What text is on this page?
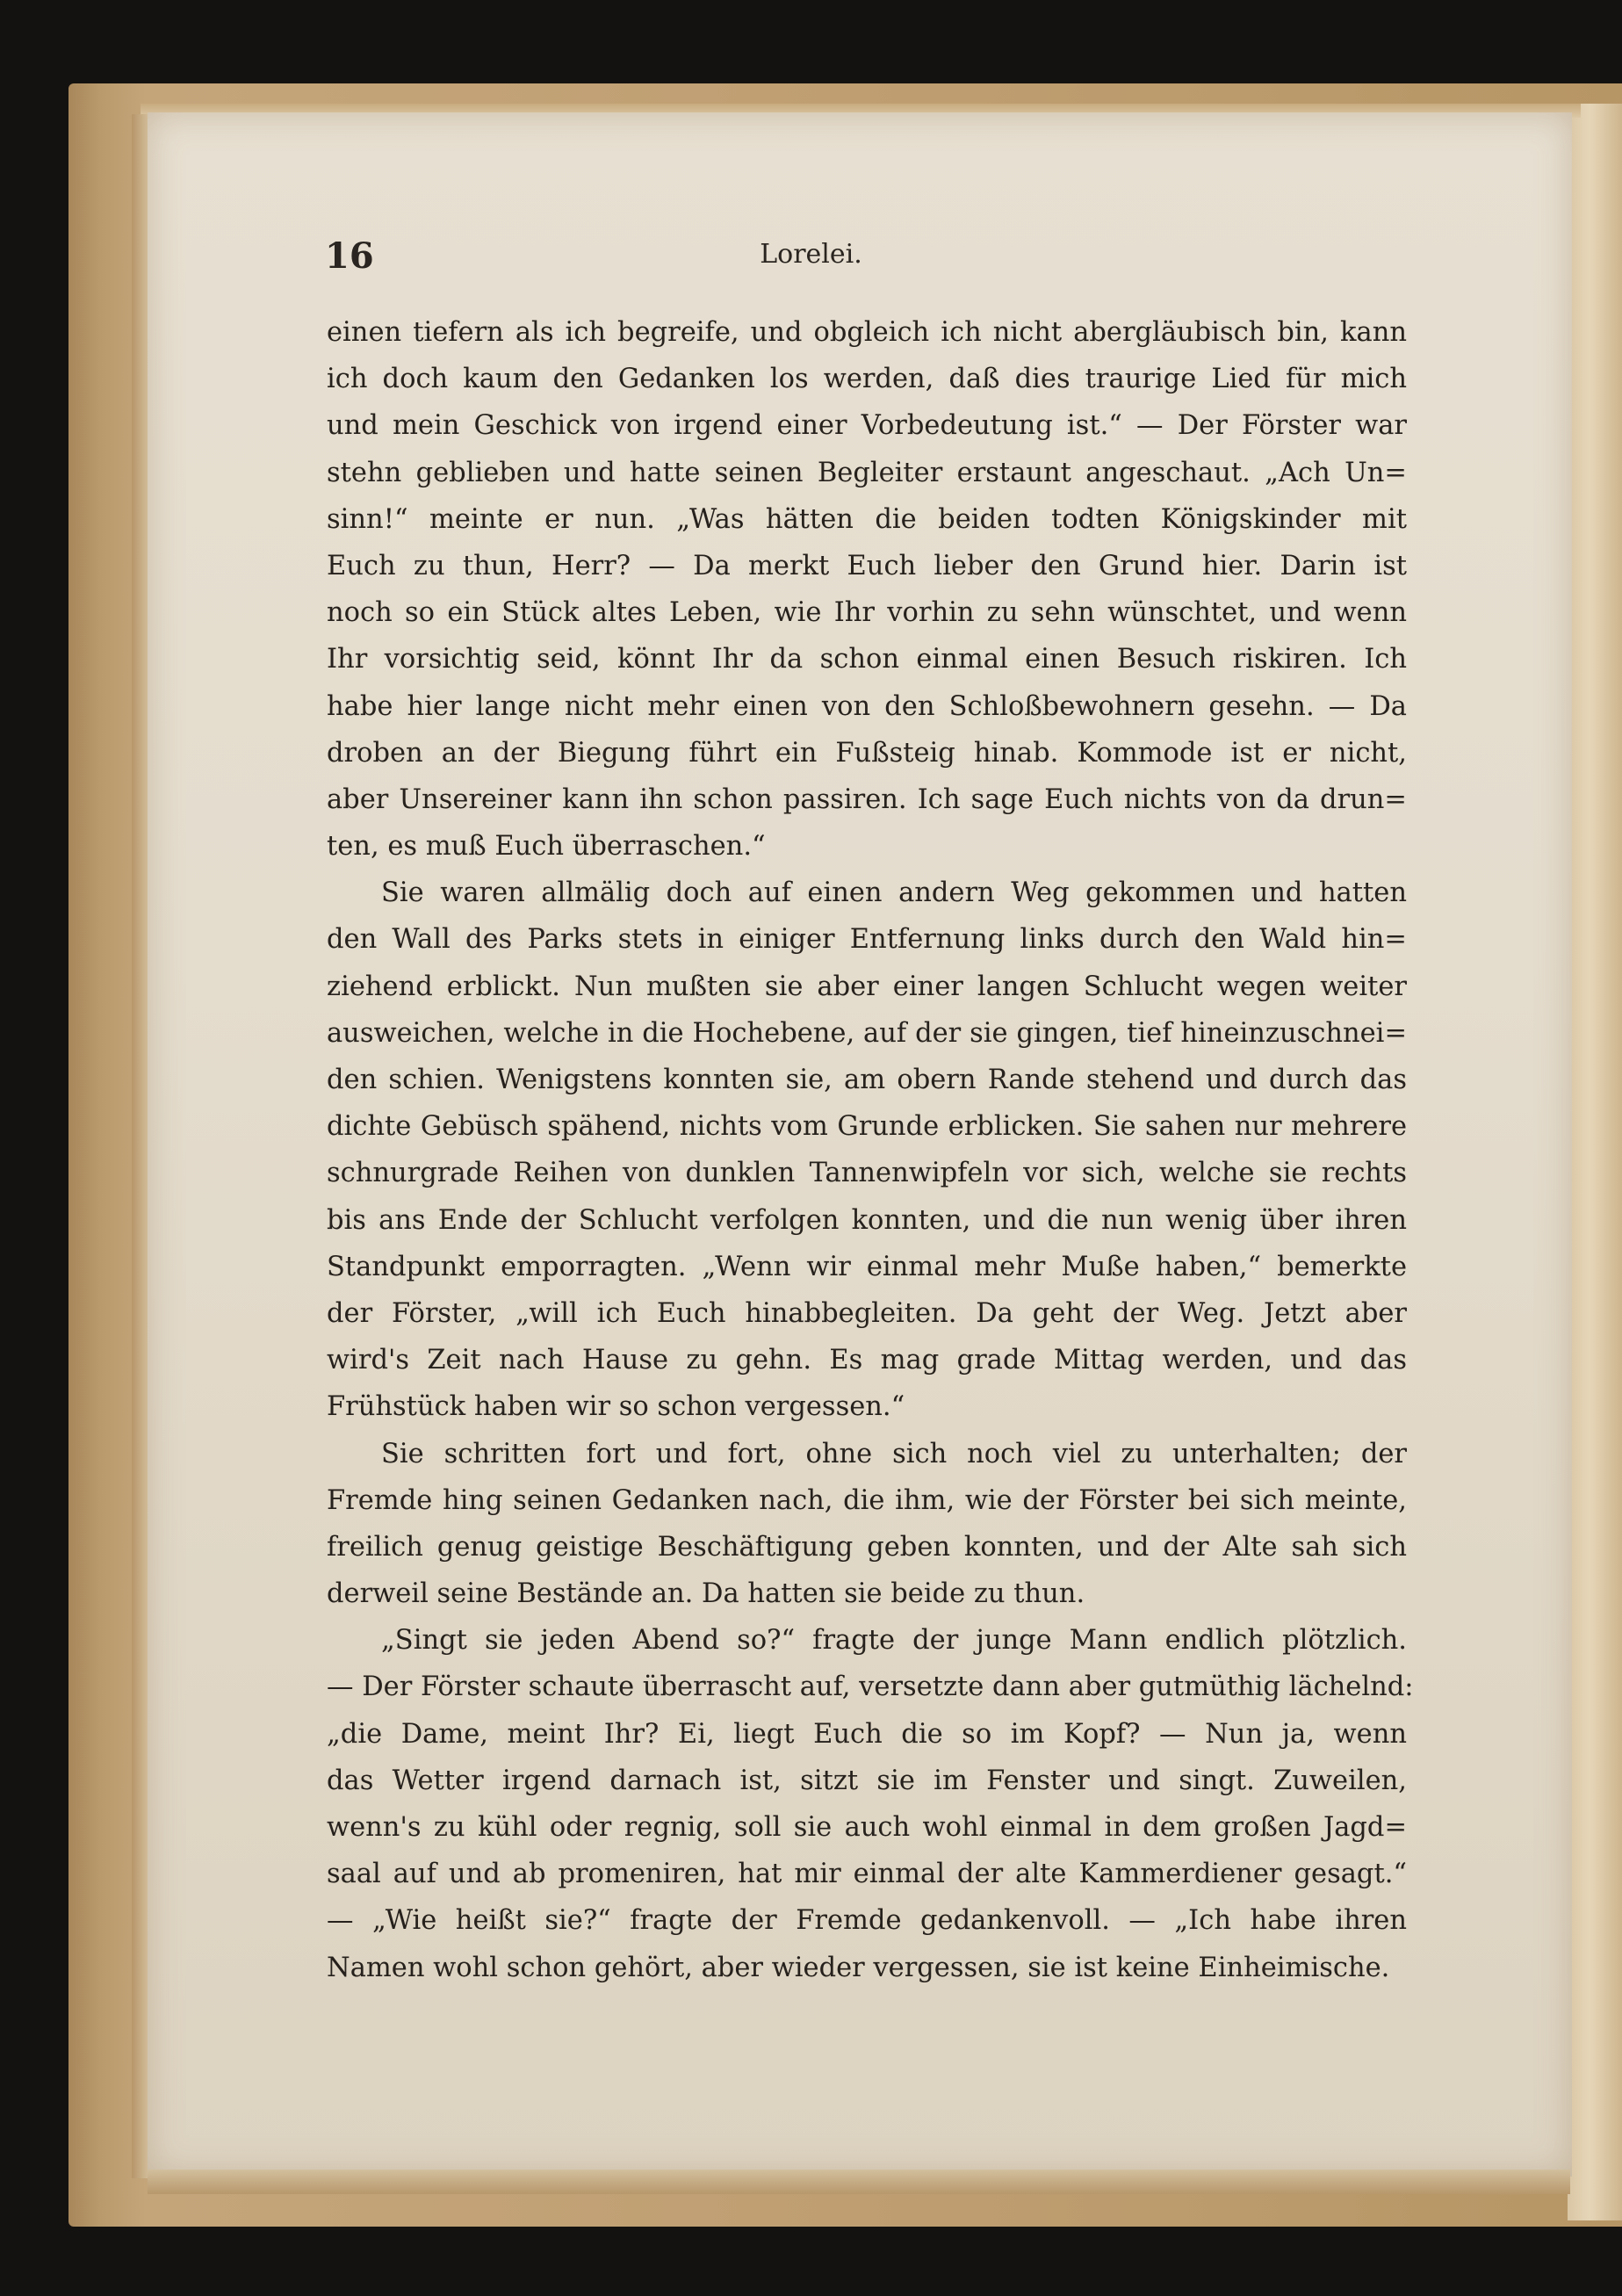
16	Lorelei.
einen tiefern als ich begreife, und obgleich ich nicht abergläubisch bin, kann
ich doch kaum den Gedanken los werden, daß dies traurige Lied für mich
und mein Geschick von irgend einer Vorbedeutung ist.“ — Der Förster war
stehn geblieben und hatte seinen Begleiter erstaunt angeschaut. „Ach Un=
sinn!“ meinte er nun. „Was hätten die beiden todten Königskinder mit
Euch zu thun, Herr? — Da merkt Euch lieber den Grund hier. Darin ist
noch so ein Stück altes Leben, wie Ihr vorhin zu sehn wünschtet, und wenn
Ihr vorsichtig seid, könnt Ihr da schon einmal einen Besuch riskiren. Ich
habe hier lange nicht mehr einen von den Schloßbewohnern gesehn. — Da
droben an der Biegung führt ein Fußsteig hinab. Kommode ist er nicht,
aber Unsereiner kann ihn schon passiren. Ich sage Euch nichts von da drun=
ten, es muß Euch überraschen.“
Sie waren allmälig doch auf einen andern Weg gekommen und hatten
den Wall des Parks stets in einiger Entfernung links durch den Wald hin=
ziehend erblickt. Nun mußten sie aber einer langen Schlucht wegen weiter
ausweichen, welche in die Hochebene, auf der sie gingen, tief hineinzuschnei=
den schien. Wenigstens konnten sie, am obern Rande stehend und durch das
dichte Gebüsch spähend, nichts vom Grunde erblicken. Sie sahen nur mehrere
schnurgrade Reihen von dunklen Tannenwipfeln vor sich, welche sie rechts
bis ans Ende der Schlucht verfolgen konnten, und die nun wenig über ihren
Standpunkt emporragten. „Wenn wir einmal mehr Muße haben,“ bemerkte
der Förster, „will ich Euch hinabbegleiten. Da geht der Weg. Jetzt aber
wird's Zeit nach Hause zu gehn. Es mag grade Mittag werden, und das
Frühstück haben wir so schon vergessen.“
Sie schritten fort und fort, ohne sich noch viel zu unterhalten; der
Fremde hing seinen Gedanken nach, die ihm, wie der Förster bei sich meinte,
freilich genug geistige Beschäftigung geben konnten, und der Alte sah sich
derweil seine Bestände an. Da hatten sie beide zu thun.
„Singt sie jeden Abend so?“ fragte der junge Mann endlich plötzlich.
— Der Förster schaute überrascht auf, versetzte dann aber gutmüthig lächelnd:
„die Dame, meint Ihr? Ei, liegt Euch die so im Kopf? — Nun ja, wenn
das Wetter irgend darnach ist, sitzt sie im Fenster und singt. Zuweilen,
wenn's zu kühl oder regnig, soll sie auch wohl einmal in dem großen Jagd=
saal auf und ab promeniren, hat mir einmal der alte Kammerdiener gesagt.“
— „Wie heißt sie?“ fragte der Fremde gedankenvoll. — „Ich habe ihren
Namen wohl schon gehört, aber wieder vergessen, sie ist keine Einheimische.
